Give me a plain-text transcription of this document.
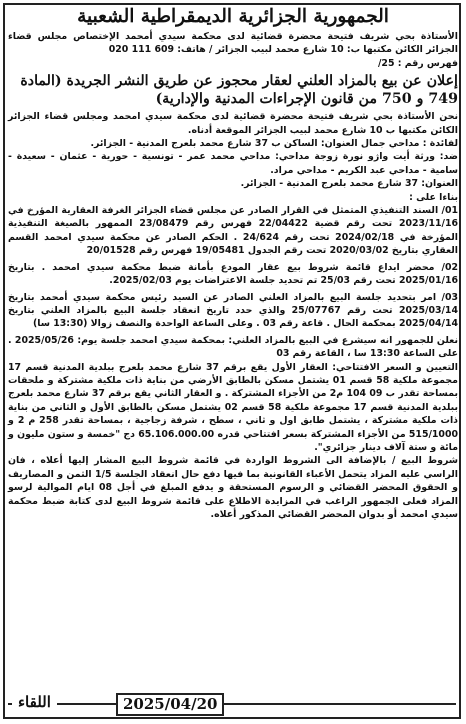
الجمهورية الجزائرية الديمقراطية الشعبية

الأستاذة بحي شريف فتيحة محضرة قضائية لدى محكمة سيدي أمحمد الإختصاص مجلس قضاء الجزائر الكائن مكتبها ب: 10 شارع محمد لبيب الجزائر / هاتف: 609 111 020

فهرس رقم : 25/

إعلان عن بيع بالمزاد العلني لعقار محجوز عن طريق النشر الجريدة (المادة 749 و 750 من قانون الإجراءات المدنية والإدارية)

نحن الأستاذة بحي شريف فتيحة محضرة قضائية لدى محكمة سيدي امحمد ومجلس قضاء الجزائر الكائن مكتبها ب 10 شارع محمد لبيب الجزائر الموقعة أدناه.

لفائدة : مداحي جمال العنوان: الساكن ب 37 شارع محمد بلعرج المدنية - الجزائر.

ضد: ورثة أيت واژو نورة زوجة مداحي: مداحي محمد عمر - تونسية - حورية - عثمان - سعيدة - سامية - مداحي عبد الكريم - مداحي مراد.

العنوان: 37 شارع محمد بلعرج المدنية - الجزائر.

بناءا على :

01/ السند التنفيذي المتمثل في القرار الصادر عن مجلس قضاء الجزائر الغرفة العقارية المؤرخ في 2023/11/16 تحت رقم قضية 22/04422 فهرس رقم 23/08479 الممهور بالصيغة التنفيذية المؤرخة في 2024/02/18 تحت رقم 24/624 . الحكم الصادر عن محكمة سيدي امحمد القسم العقاري بتاريخ 2020/03/02 تحت رقم الجدول 19/05481 فهرس رقم 20/01528

02/ محضر ايداع قائمة شروط بيع عقار المودع بأمانة ضبط محكمة سيدي امحمد . بتاريخ 2025/01/16 تحت رقم 25/03 تم تحديد جلسة الاعتراضات يوم 2025/02/03.

03/ امر بتحديد جلسة البيع بالمزاد العلني الصادر عن السيد رئيس محكمة سيدي أمحمد بتاريخ 2025/03/14 تحت رقم 25/07767 والذي حدد تاريخ انعقاد جلسة البيع بالمزاد العلني بتاريخ 2025/04/14 بمحكمة الحال . قاعة رقم 03 . وعلى الساعة الواحدة والنصف زوالا (13:30 سا)

نعلن للجمهور انه سيشرع في البيع بالمزاد العلني: بمحكمة سيدي امحمد جلسة يوم: 2025/05/26 . على الساعة 13:30 سا ، القاعة رقم 03

التعيين و السعر الافتتاحي: العقار الأول يقع برقم 37 شارع محمد بلعرج ببلدية المدنية قسم 17 مجموعة ملكية 58 قسم 01 يشتمل مسكن بالطابق الأرضي من بناية ذات ملكية مشتركة و ملحقات بمساحة تقدر ب 09 104 م2 من الأجزاء المشتركة . و العقار الثاني يقع برقم 37 شارع محمد بلعرج ببلدية المدنية قسم 17 مجموعة ملكية 58 قسم 02 يشتمل مسكن بالطابق الأول و الثاني من بناية ذات ملكية مشتركة ، يشتمل طابق اول و ثاني ، سطح ، شرفة زجاجية ، بمساحة تقدر 258 م 2 و 515/1000 من الأجزاء المشتركة بسعر افتتاحي قدره 65.106.000.00 دج "خمسة و ستون مليون و مائة و ستة آلاف دينار جزائري".

شروط البيع / بالإضافة الى الشروط الواردة في قائمة شروط البيع المشار إليها أعلاه ، فان الراسي عليه المزاد يتحمل الأعباء القانونية بما فيها دفع حال انعقاد الجلسة 1/5 الثمن و المصاريف و الحقوق المحضر القضائي و الرسوم المستحقة و يدفع المبلغ في أجل 08 ايام الموالية لرسو المزاد فعلى الجمهور الراغب في المزايدة الاطلاع على قائمة شروط البيع لدى كتابة ضبط محكمة سيدي امحمد أو بدوان المحضر القضائي المذكور أعلاه.

2025/04/20
اللقاء
